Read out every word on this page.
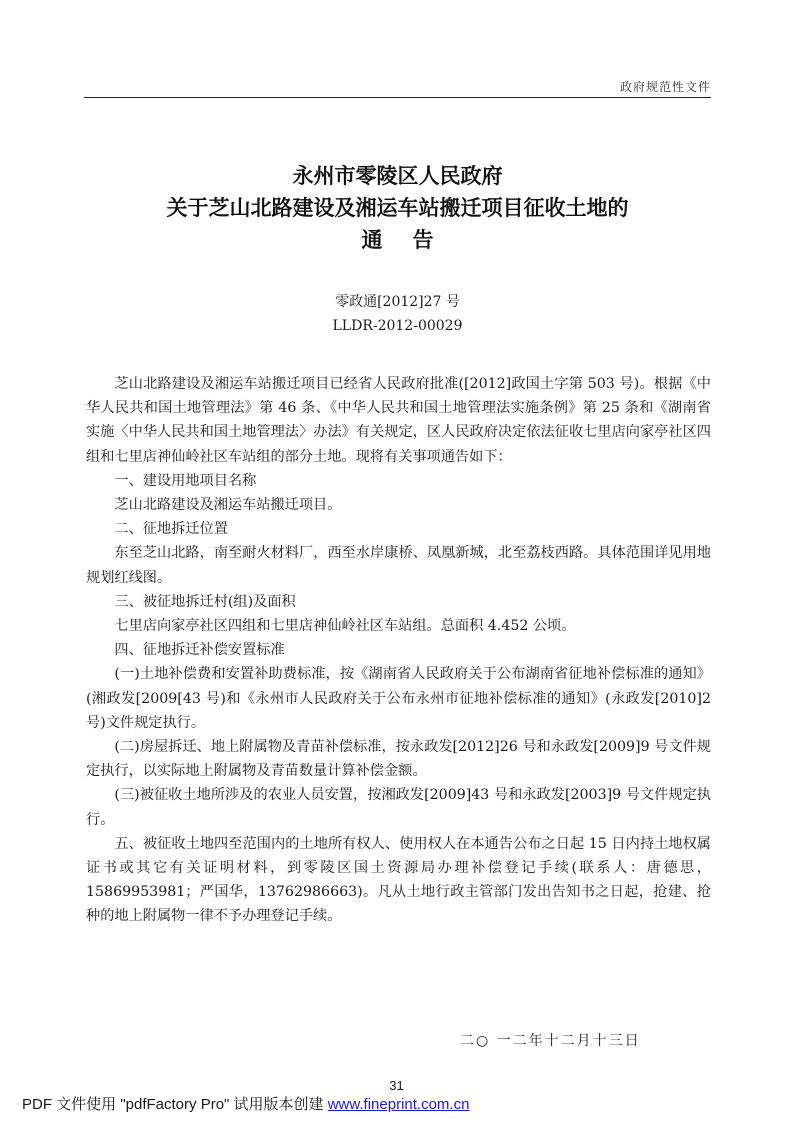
政府规范性文件
永州市零陵区人民政府
关于芝山北路建设及湘运车站搬迁项目征收土地的
通告
零政通[2012]27 号
LLDR-2012-00029

芝山北路建设及湘运车站搬迁项目已经省人民政府批准([2012]政国土字第 503 号)。根据《中华人民共和国土地管理法》第 46 条、《中华人民共和国土地管理法实施条例》第 25 条和《湖南省实施〈中华人民共和国土地管理法〉办法》有关规定，区人民政府决定依法征收七里店向家亭社区四组和七里店神仙岭社区车站组的部分土地。现将有关事项通告如下：

一、建设用地项目名称

芝山北路建设及湘运车站搬迁项目。

二、征地拆迁位置

东至芝山北路，南至耐火材料厂，西至水岸康桥、凤凰新城，北至荔枝西路。具体范围详见用地规划红线图。

三、被征地拆迁村(组)及面积

七里店向家亭社区四组和七里店神仙岭社区车站组。总面积 4.452 公顷。

四、征地拆迁补偿安置标准

(一)土地补偿费和安置补助费标准，按《湖南省人民政府关于公布湖南省征地补偿标准的通知》(湘政发[2009[43 号)和《永州市人民政府关于公布永州市征地补偿标准的通知》(永政发[2010]2 号)文件规定执行。

(二)房屋拆迁、地上附属物及青苗补偿标准，按永政发[2012]26 号和永政发[2009]9 号文件规定执行，以实际地上附属物及青苗数量计算补偿金额。

(三)被征收土地所涉及的农业人员安置，按湘政发[2009]43 号和永政发[2003]9 号文件规定执行。

五、被征收土地四至范围内的土地所有权人、使用权人在本通告公布之日起 15 日内持土地权属证书或其它有关证明材料，到零陵区国土资源局办理补偿登记手续(联系人：唐德思，15869953981；严国华，13762986663)。凡从土地行政主管部门发出告知书之日起，抢建、抢种的地上附属物一律不予办理登记手续。

二○ 一二年十二月十三日
31
PDF 文件使用 "pdfFactory Pro" 试用版本创建 www.fineprint.com.cn
